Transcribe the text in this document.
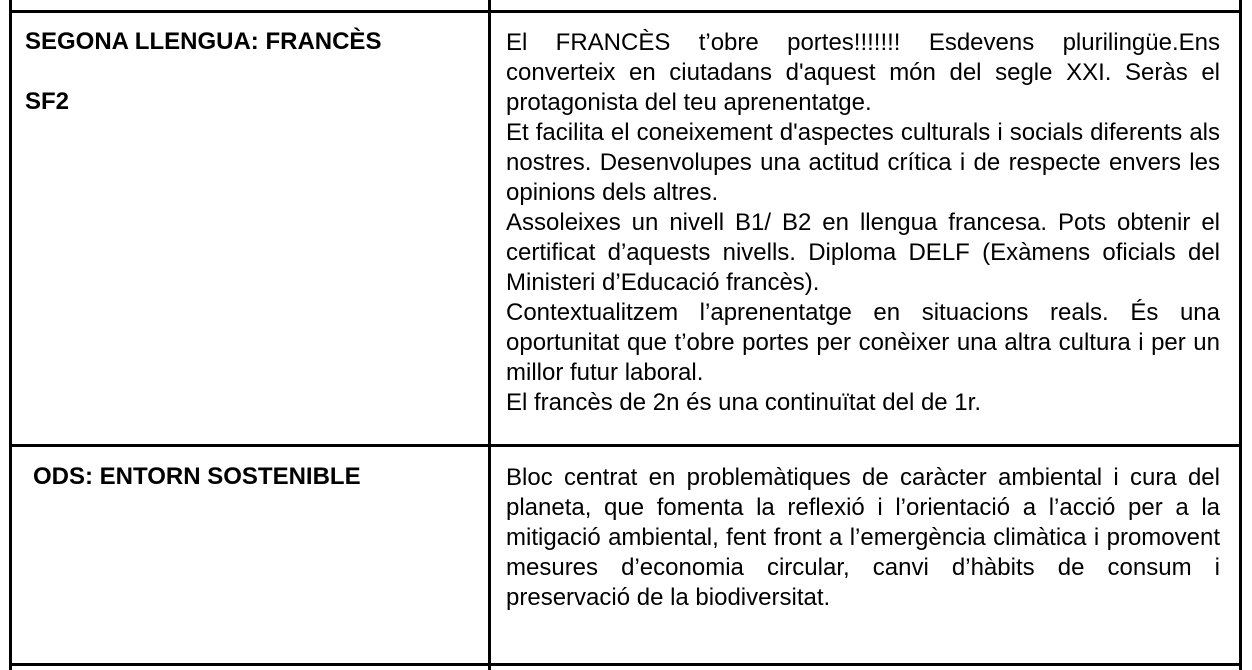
SEGONA LLENGUA: FRANCÈS
SF2

El FRANCÈS t’obre portes!!!!!!! Esdevens plurilingüe.Ens converteix en ciutadans d'aquest món del segle XXI. Seràs el protagonista del teu aprenentatge.

Et facilita el coneixement d'aspectes culturals i socials diferents als nostres. Desenvolupes una actitud crítica i de respecte envers les opinions dels altres.

Assoleixes un nivell B1/ B2 en llengua francesa. Pots obtenir el certificat d’aquests nivells. Diploma DELF (Exàmens oficials del Ministeri d’Educació francès).

Contextualitzem l’aprenentatge en situacions reals. És una oportunitat que t’obre portes per conèixer una altra cultura i per un millor futur laboral.

El francès de 2n és una continuïtat del de 1r.

ODS: ENTORN SOSTENIBLE	Bloc centrat en problemàtiques de caràcter ambiental i cura del planeta, que fomenta la reflexió i l’orientació a l’acció per a la mitigació ambiental, fent front a l’emergència climàtica i promovent mesures d’economia circular, canvi d’hàbits de consum i preservació de la biodiversitat.
